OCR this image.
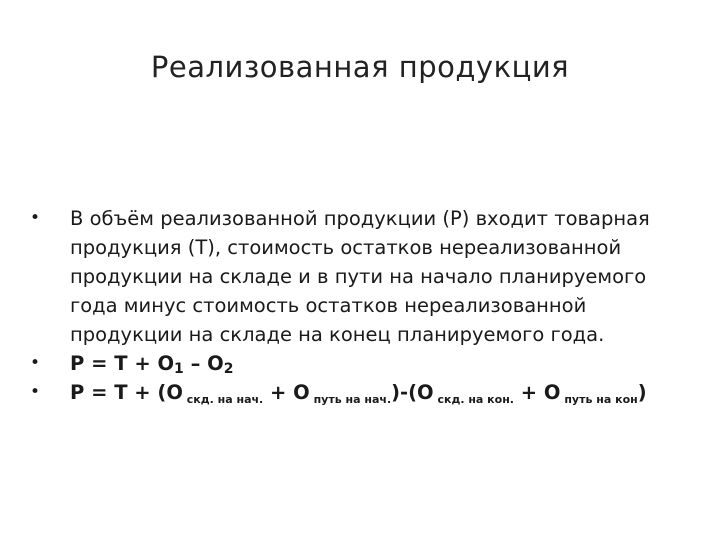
Реализованная продукция
•	В объём реализованной продукции (Р) входит товарная
продукция (Т), стоимость остатков нереализованной
продукции на складе и в пути на начало планируемого
года минус стоимость остатков нереализованной
продукции на складе на конец планируемого года.
•	$Р = Т + О_1 - О_2$
•	Р = Т + (О $_{скд. на нач.}$ + О $_{путь на нач.}$)-(О $_{скд. на кон.}$ + О $_{путь на кон}$)
